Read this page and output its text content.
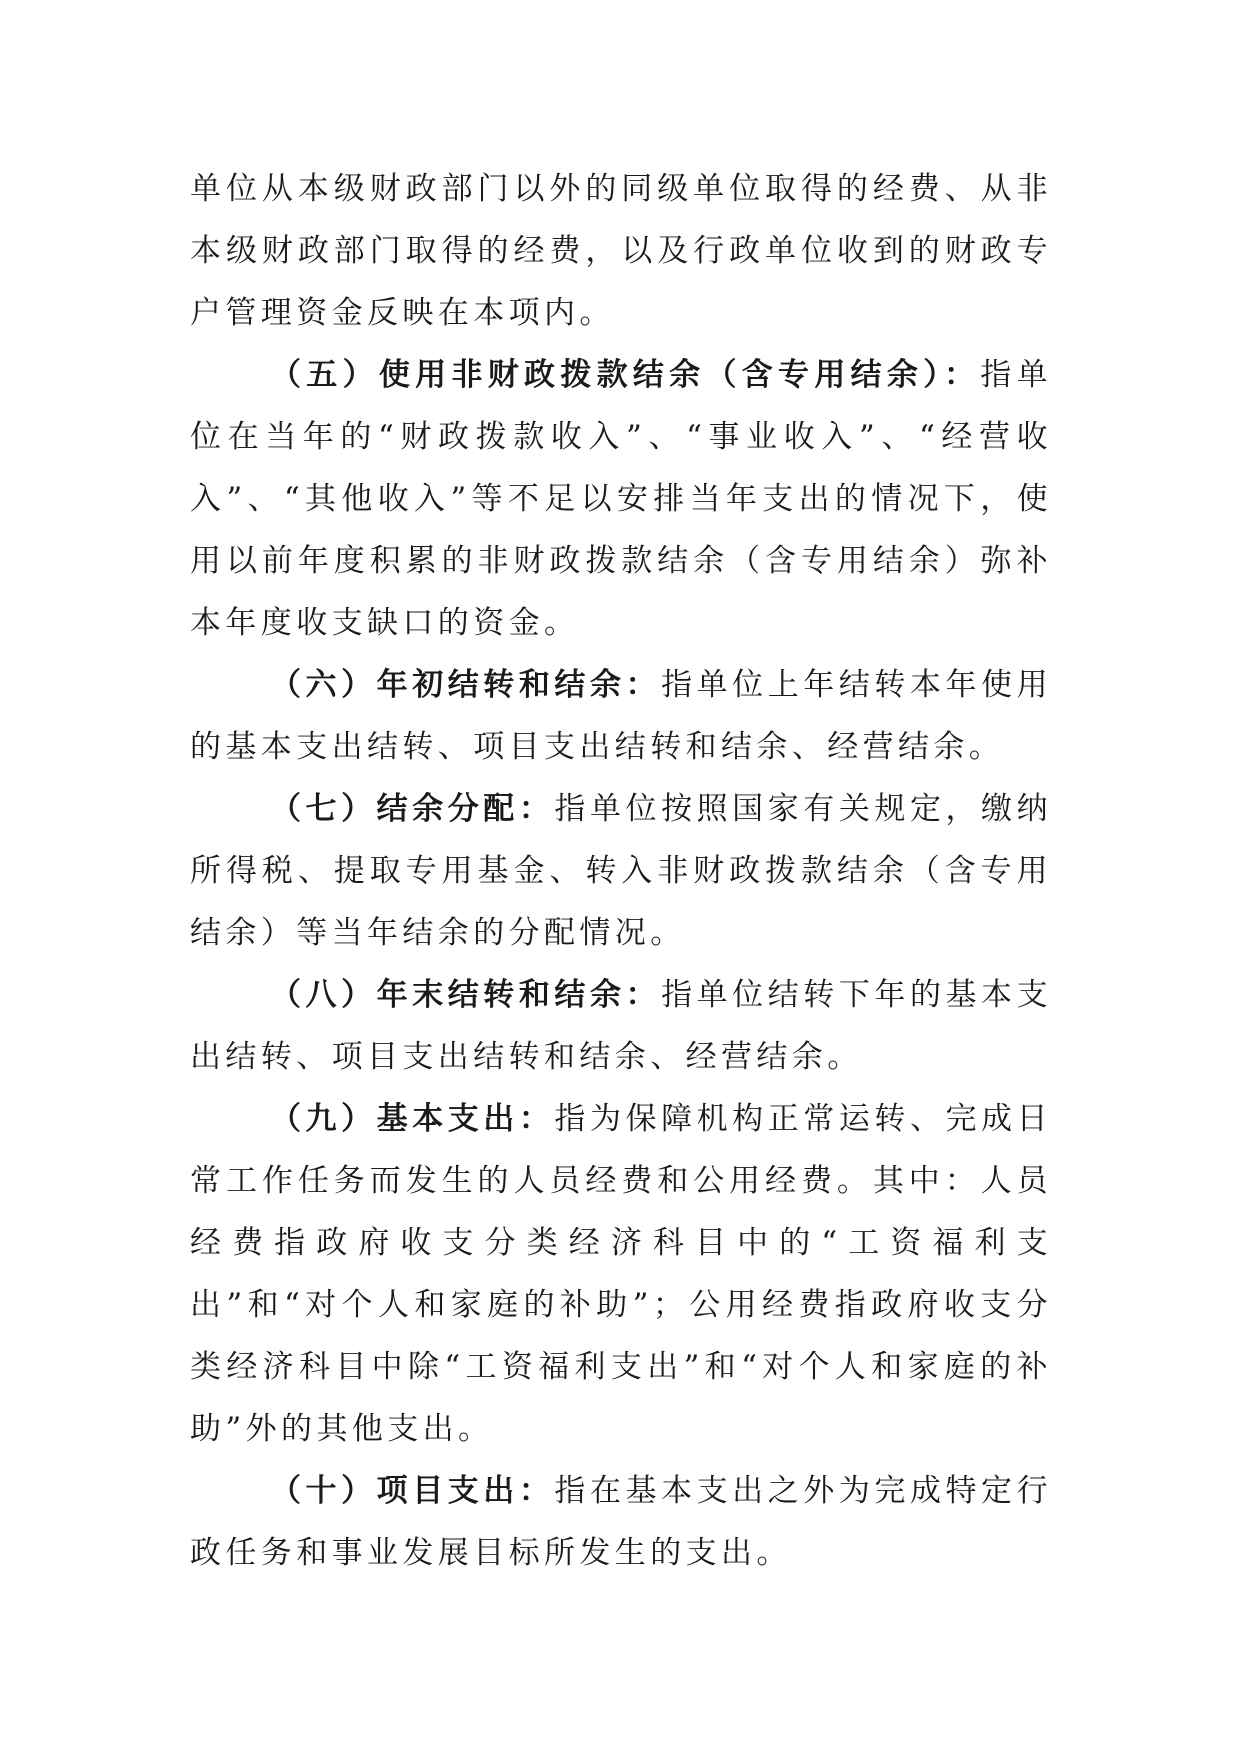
单位从本级财政部门以外的同级单位取得的经费、从非本级财政部门取得的经费，以及行政单位收到的财政专户管理资金反映在本项内。

（五）使用非财政拨款结余（含专用结余）：指单位在当年的“财政拨款收入”、“事业收入”、“经营收入”、“其他收入”等不足以安排当年支出的情况下，使用以前年度积累的非财政拨款结余（含专用结余）弥补本年度收支缺口的资金。

（六）年初结转和结余：指单位上年结转本年使用的基本支出结转、项目支出结转和结余、经营结余。

（七）结余分配：指单位按照国家有关规定，缴纳所得税、提取专用基金、转入非财政拨款结余（含专用结余）等当年结余的分配情况。

（八）年末结转和结余：指单位结转下年的基本支出结转、项目支出结转和结余、经营结余。

（九）基本支出：指为保障机构正常运转、完成日常工作任务而发生的人员经费和公用经费。其中：人员经费指政府收支分类经济科目中的“工资福利支出”和“对个人和家庭的补助”；公用经费指政府收支分类经济科目中除“工资福利支出”和“对个人和家庭的补助”外的其他支出。

（十）项目支出：指在基本支出之外为完成特定行政任务和事业发展目标所发生的支出。
